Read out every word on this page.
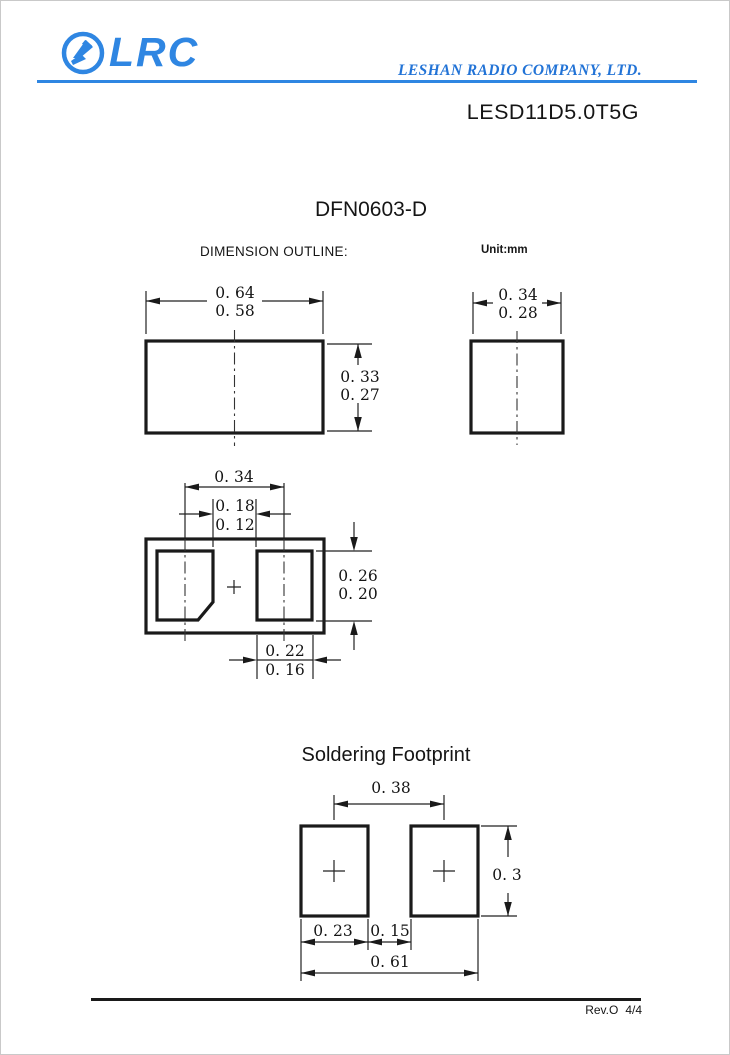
LRC	LESHAN RADIO COMPANY, LTD.
LESD11D5.0T5G
DFN0603-D
DIMENSION OUTLINE:	Unit:mm
Soldering Footprint
0. 64
0. 58
0. 33
0. 27
0. 34
0. 28
0. 34
0. 18
0. 12
0. 26
0. 20
0. 22
0. 16
0. 38
0. 3
0. 23 0. 15
0. 61
Rev.O 4/4
